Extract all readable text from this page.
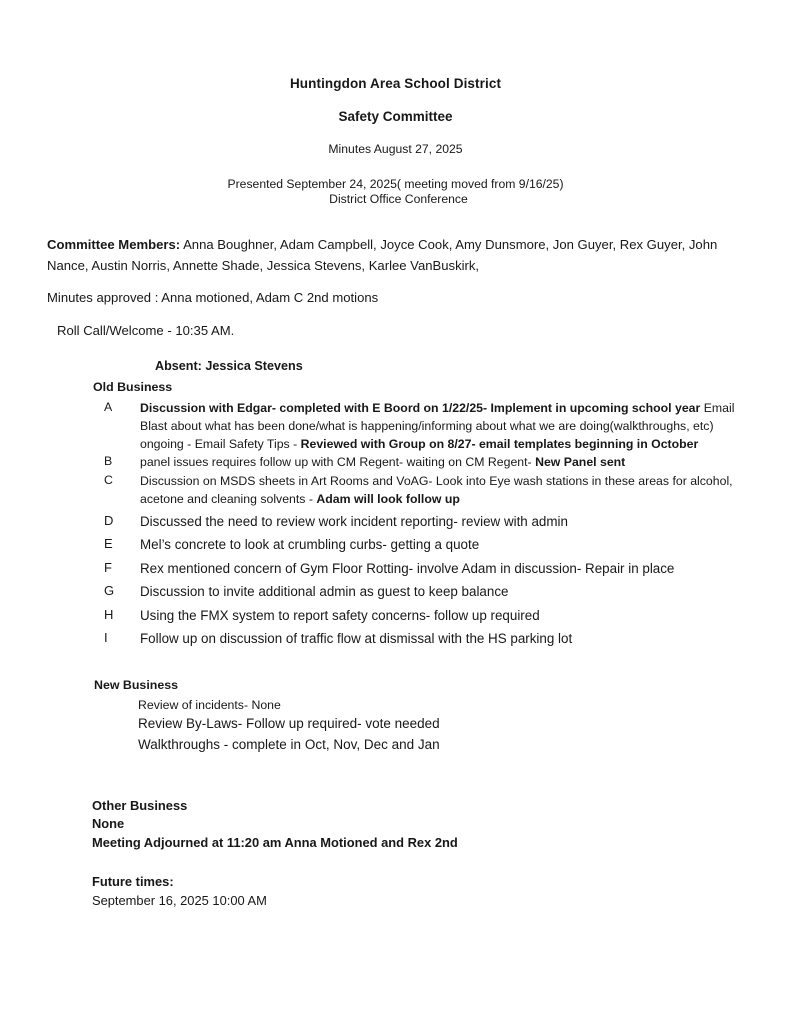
Huntingdon Area School District
Safety Committee
Minutes August 27, 2025
Presented September 24, 2025( meeting moved from 9/16/25)
District Office Conference
Committee Members: Anna Boughner, Adam Campbell, Joyce Cook, Amy Dunsmore, Jon Guyer, Rex Guyer, John Nance, Austin Norris, Annette Shade, Jessica Stevens, Karlee VanBuskirk,
Minutes approved : Anna motioned, Adam C 2nd motions
Roll Call/Welcome - 10:35 AM.
Absent: Jessica Stevens
Old Business
A	Discussion with Edgar- completed with E Boord on 1/22/25- Implement in upcoming school year Email Blast about what has been done/what is happening/informing about what we are doing(walkthroughs, etc) ongoing - Email Safety Tips - Reviewed with Group on 8/27- email templates beginning in October
B	panel issues requires follow up with CM Regent- waiting on CM Regent- New Panel sent
C	Discussion on MSDS sheets in Art Rooms and VoAG- Look into Eye wash stations in these areas for alcohol, acetone and cleaning solvents - Adam will look follow up
D	Discussed the need to review work incident reporting- review with admin
E	Mel’s concrete to look at crumbling curbs- getting a quote
F	Rex mentioned concern of Gym Floor Rotting- involve Adam in discussion- Repair in place
G	Discussion to invite additional admin as guest to keep balance
H	Using the FMX system to report safety concerns- follow up required
I	Follow up on discussion of traffic flow at dismissal with the HS parking lot
New Business
Review of incidents- None
Review By-Laws- Follow up required- vote needed
Walkthroughs - complete in Oct, Nov, Dec and Jan
Other Business
None
Meeting Adjourned at 11:20 am Anna Motioned and Rex 2nd
Future times:
September 16, 2025 10:00 AM
